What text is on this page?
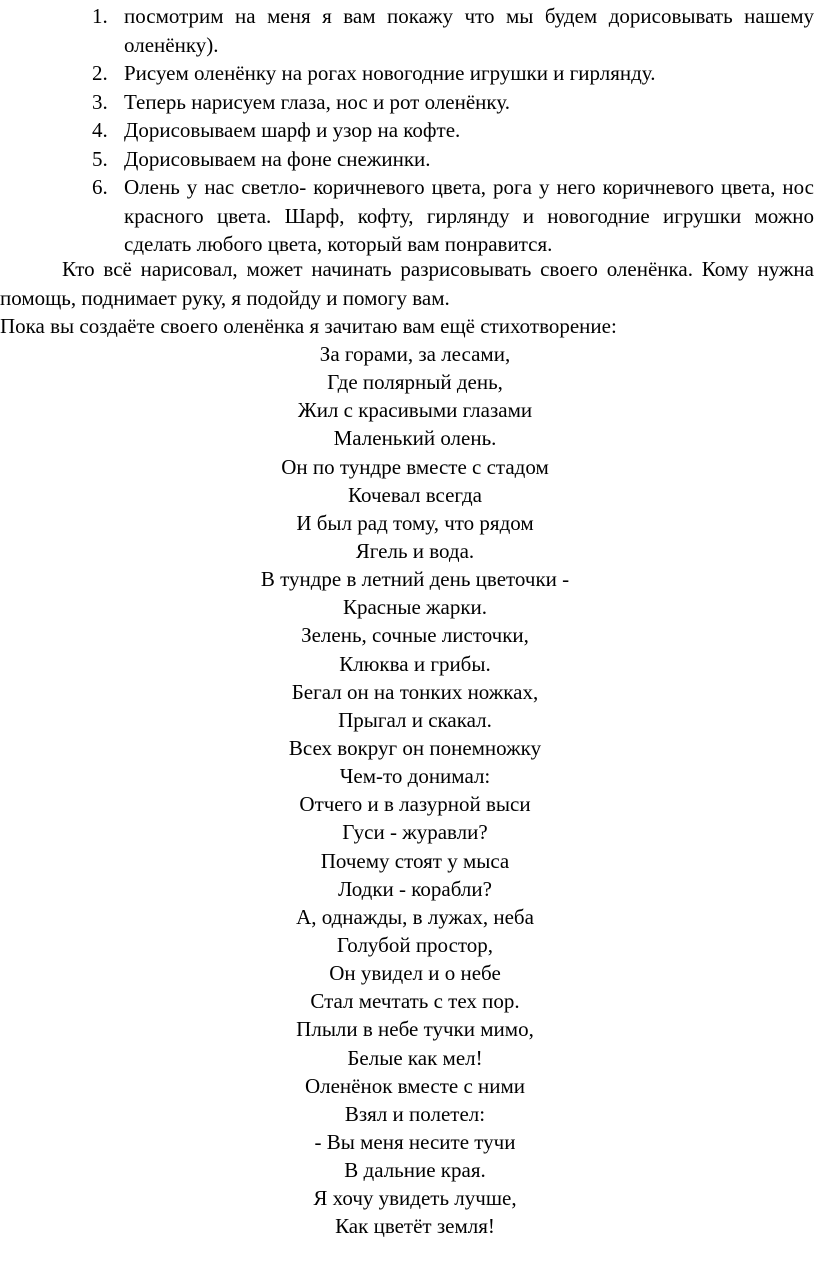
1. посмотрим на меня я вам покажу что мы будем дорисовывать нашему оленёнку).
2. Рисуем оленёнку на рогах новогодние игрушки и гирлянду.
3. Теперь нарисуем глаза, нос и рот оленёнку.
4. Дорисовываем шарф и узор на кофте.
5. Дорисовываем на фоне снежинки.
6. Олень у нас светло- коричневого цвета, рога у него коричневого цвета, нос красного цвета. Шарф, кофту, гирлянду и новогодние игрушки можно сделать любого цвета, который вам понравится.

Кто всё нарисовал, может начинать разрисовывать своего оленёнка. Кому нужна помощь, поднимает руку, я подойду и помогу вам.

Пока вы создаёте своего оленёнка я зачитаю вам ещё стихотворение:

За горами, за лесами,
Где полярный день,
Жил с красивыми глазами
Маленький олень.
Он по тундре вместе с стадом
Кочевал всегда
И был рад тому, что рядом
Ягель и вода.
В тундре в летний день цветочки -
Красные жарки.
Зелень, сочные листочки,
Клюква и грибы.
Бегал он на тонких ножках,
Прыгал и скакал.
Всех вокруг он понемножку
Чем-то донимал:
Отчего и в лазурной выси
Гуси - журавли?
Почему стоят у мыса
Лодки - корабли?
А, однажды, в лужах, неба
Голубой простор,
Он увидел и о небе
Стал мечтать с тех пор.
Плыли в небе тучки мимо,
Белые как мел!
Оленёнок вместе с ними
Взял и полетел:
- Вы меня несите тучи
В дальние края.
Я хочу увидеть лучше,
Как цветёт земля!
